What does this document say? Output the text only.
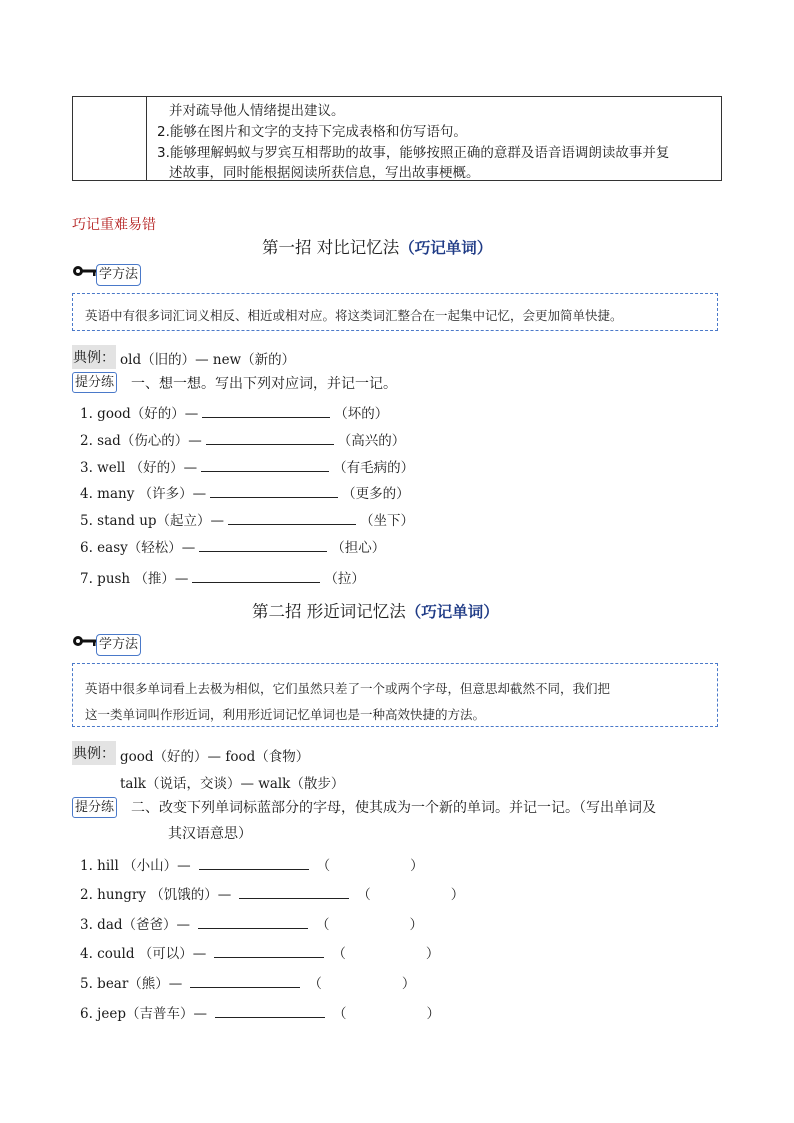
并对疏导他人情绪提出建议。
2.能够在图片和文字的支持下完成表格和仿写语句。
3.能够理解蚂蚁与罗宾互相帮助的故事，能够按照正确的意群及语音语调朗读故事并复
述故事，同时能根据阅读所获信息，写出故事梗概。
巧记重难易错
第一招 对比记忆法（巧记单词）
学方法
英语中有很多词汇词义相反、相近或相对应。将这类词汇整合在一起集中记忆，会更加简单快捷。
典例： old（旧的）— new（新的）
提分练 一、想一想。写出下列对应词，并记一记。
1. good（好的）—	（坏的）
2. sad（伤心的）—	（高兴的）
3. well （好的）—	（有毛病的）
4. many （许多）—	（更多的）
5. stand up（起立）—	（坐下）
6. easy（轻松）—	（担心）
7. push （推）—	（拉）
第二招 形近词记忆法（巧记单词）
学方法
英语中很多单词看上去极为相似，它们虽然只差了一个或两个字母，但意思却截然不同，我们把
这一类单词叫作形近词，利用形近词记忆单词也是一种高效快捷的方法。
典例： good（好的）— food（食物）
talk（说话，交谈）— walk（散步）
提分练 二、改变下列单词标蓝部分的字母，使其成为一个新的单词。并记一记。（写出单词及
其汉语意思）
1. hill （小山）—	（	）
2. hungry （饥饿的）—	（	）
3. dad（爸爸）—	（	）
4. could （可以）—	（	）
5. bear（熊）—	（	）
6. jeep（吉普车）—	（	）
